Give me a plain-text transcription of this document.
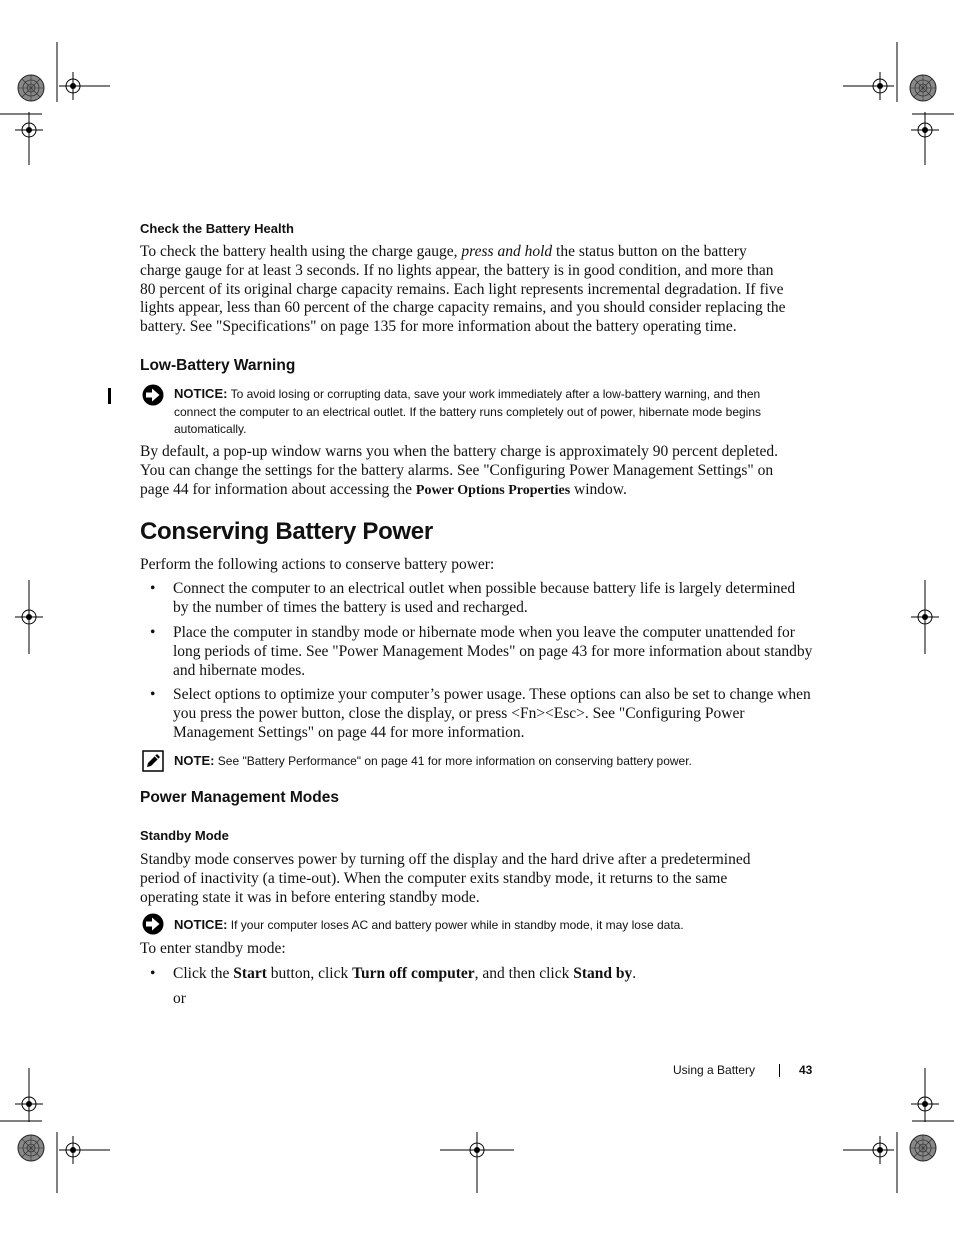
Check the Battery Health
To check the battery health using the charge gauge, press and hold the status button on the battery
charge gauge for at least 3 seconds. If no lights appear, the battery is in good condition, and more than
80 percent of its original charge capacity remains. Each light represents incremental degradation. If five
lights appear, less than 60 percent of the charge capacity remains, and you should consider replacing the
battery. See "Specifications" on page 135 for more information about the battery operating time.
Low-Battery Warning
NOTICE: To avoid losing or corrupting data, save your work immediately after a low-battery warning, and then
connect the computer to an electrical outlet. If the battery runs completely out of power, hibernate mode begins
automatically.
By default, a pop-up window warns you when the battery charge is approximately 90 percent depleted.
You can change the settings for the battery alarms. See "Configuring Power Management Settings" on
page 44 for information about accessing the Power Options Properties window.
Conserving Battery Power
Perform the following actions to conserve battery power:
• Connect the computer to an electrical outlet when possible because battery life is largely determined
by the number of times the battery is used and recharged.
• Place the computer in standby mode or hibernate mode when you leave the computer unattended for
long periods of time. See "Power Management Modes" on page 43 for more information about standby
and hibernate modes.
• Select options to optimize your computer’s power usage. These options can also be set to change when
you press the power button, close the display, or press <Fn><Esc>. See "Configuring Power
Management Settings" on page 44 for more information.
NOTE: See "Battery Performance" on page 41 for more information on conserving battery power.
Power Management Modes
Standby Mode
Standby mode conserves power by turning off the display and the hard drive after a predetermined
period of inactivity (a time-out). When the computer exits standby mode, it returns to the same
operating state it was in before entering standby mode.
NOTICE: If your computer loses AC and battery power while in standby mode, it may lose data.
To enter standby mode:
• Click the Start button, click Turn off computer, and then click Stand by.
or
Using a Battery	43
